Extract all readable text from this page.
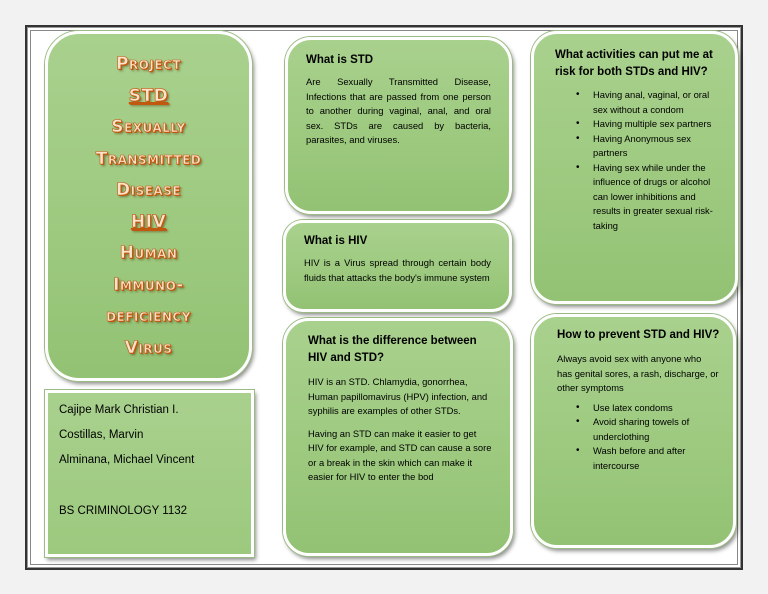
Project
STD
Sexually
Transmitted
Disease
HIV
Human
Immuno-
deficiency
Virus
Cajipe Mark Christian I.
Costillas, Marvin
Alminana, Michael Vincent
BS CRIMINOLOGY 1132
What is STD

Are Sexually Transmitted Disease, Infections that are passed from one person to another during vaginal, anal, and oral sex. STDs are caused by bacteria, parasites, and viruses.

What is HIV

HIV is a Virus spread through certain body fluids that attacks the body's immune system

What is the difference between HIV and STD?

HIV is an STD. Chlamydia, gonorrhea, Human papillomavirus (HPV) infection, and syphilis are examples of other STDs.

Having an STD can make it easier to get HIV for example, and STD can cause a sore or a break in the skin which can make it easier for HIV to enter the bod

What activities can put me at risk for both STDs and HIV?
• Having anal, vaginal, or oral sex without a condom
• Having multiple sex partners
• Having Anonymous sex partners
• Having sex while under the influence of drugs or alcohol can lower inhibitions and results in greater sexual risk-taking
How to prevent STD and HIV?

Always avoid sex with anyone who has genital sores, a rash, discharge, or other symptoms

• Use latex condoms
• Avoid sharing towels of underclothing
• Wash before and after intercourse
